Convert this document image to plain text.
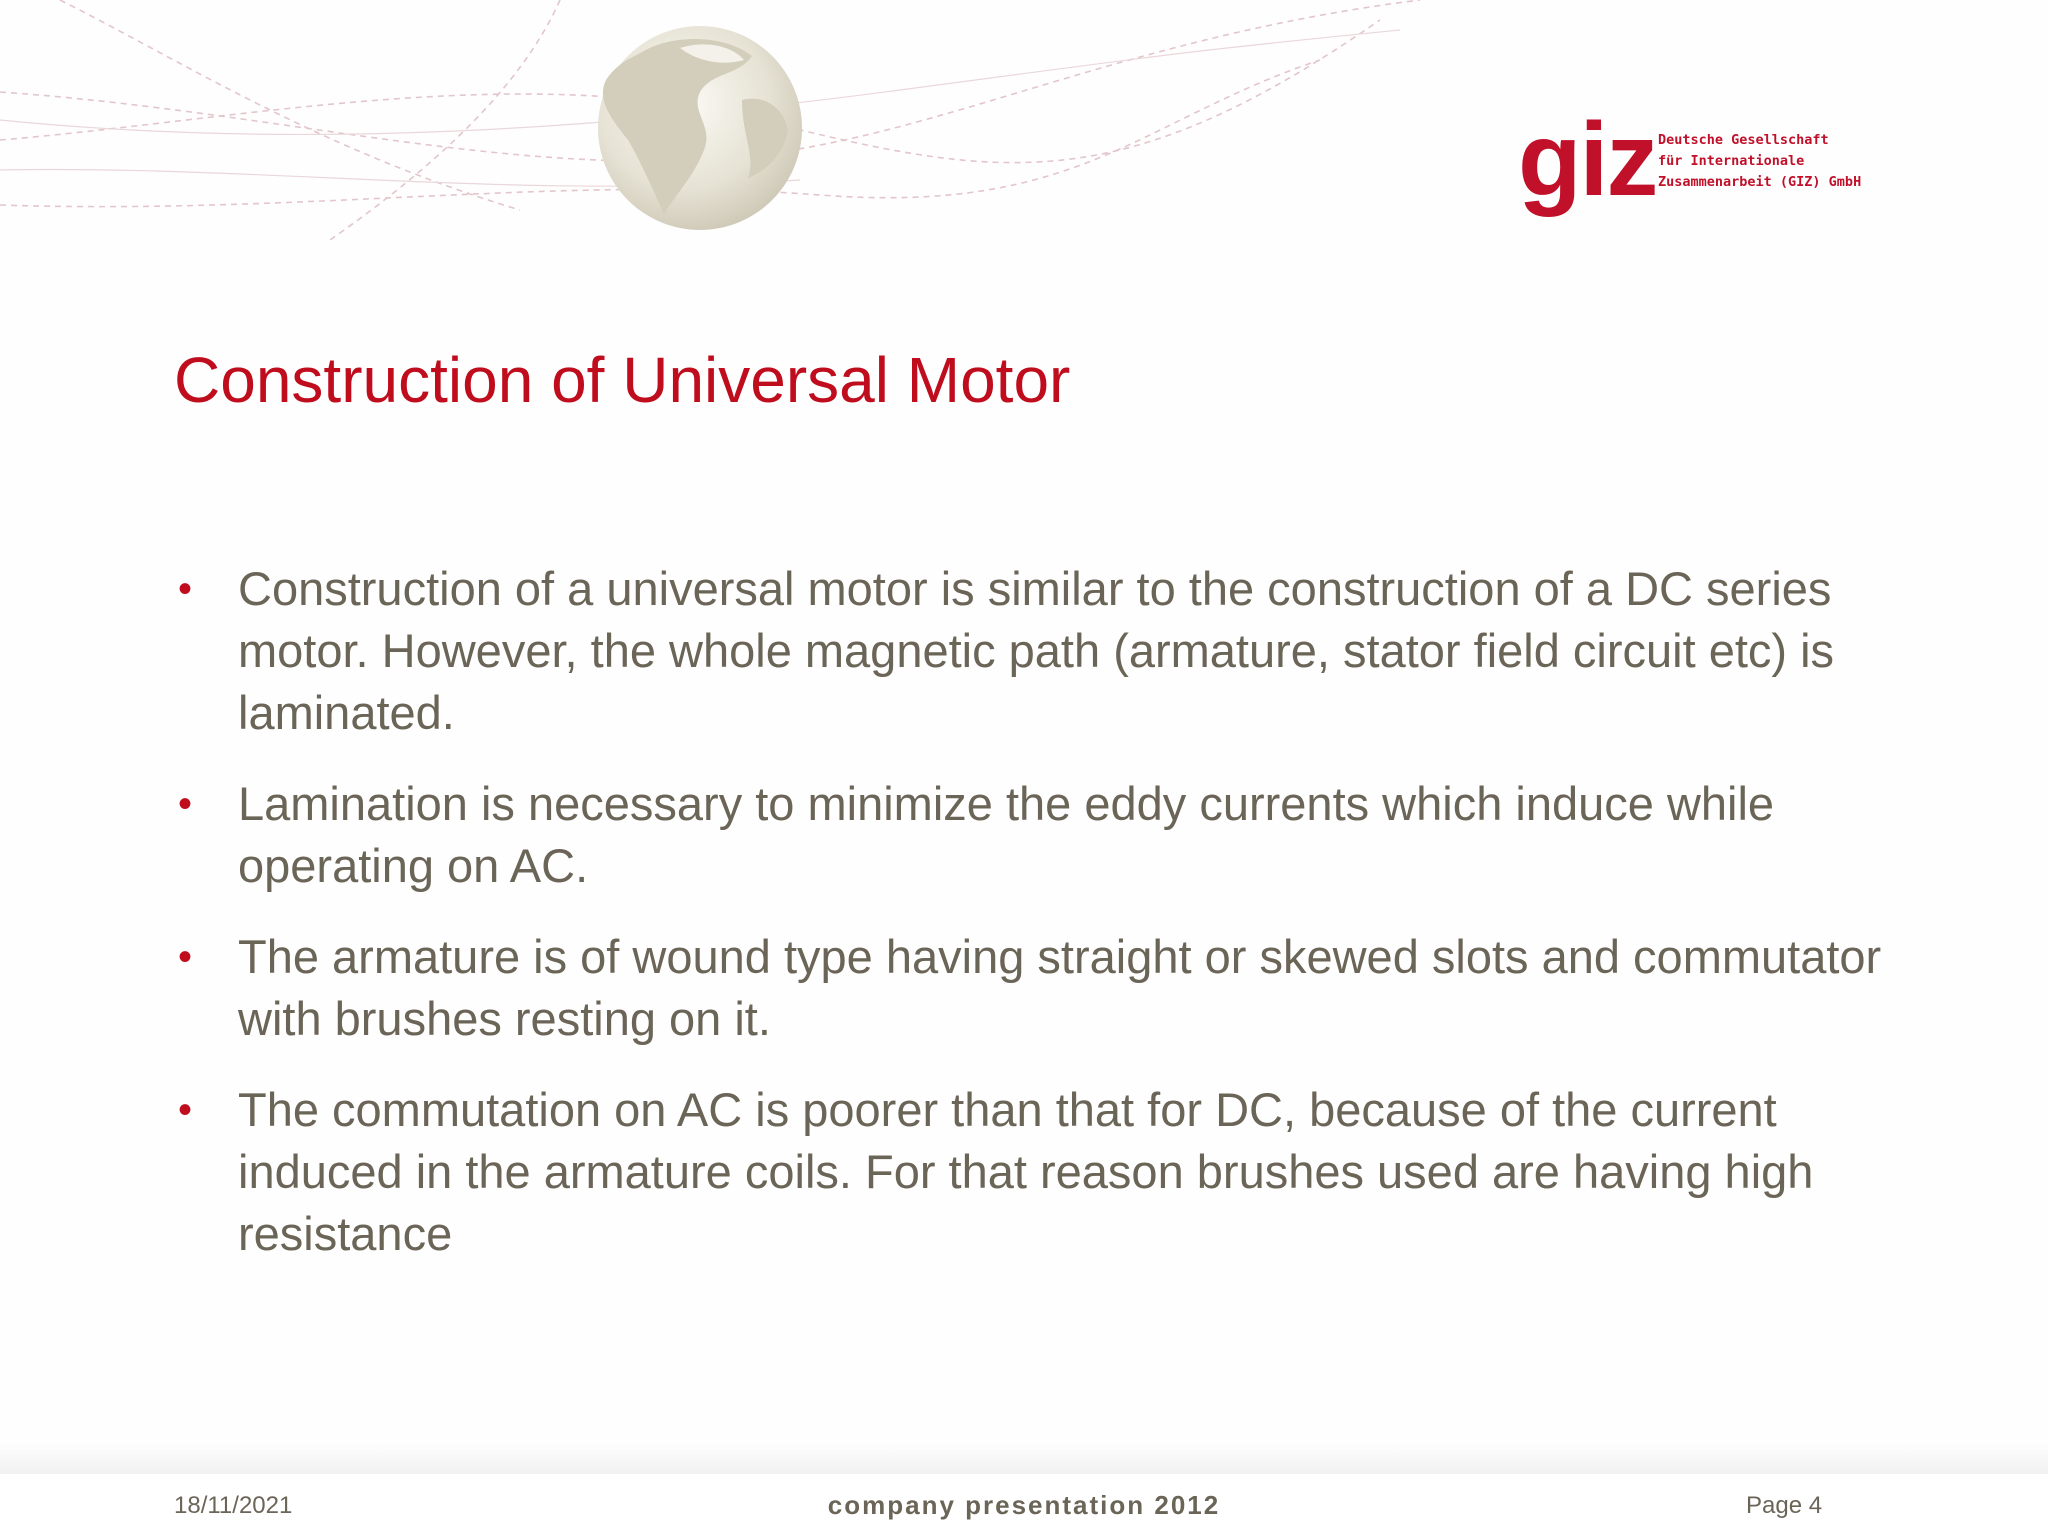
giz Deutsche Gesellschaft
für Internationale
Zusammenarbeit (GIZ) GmbH
Construction of Universal Motor
• Construction of a universal motor is similar to the construction of a DC series motor. However, the whole magnetic path (armature, stator field circuit etc) is laminated.
• Lamination is necessary to minimize the eddy currents which induce while operating on AC.
• The armature is of wound type having straight or skewed slots and commutator with brushes resting on it.
• The commutation on AC is poorer than that for DC, because of the current induced in the armature coils. For that reason brushes used are having high resistance
18/11/2021	company presentation 2012	Page 4
